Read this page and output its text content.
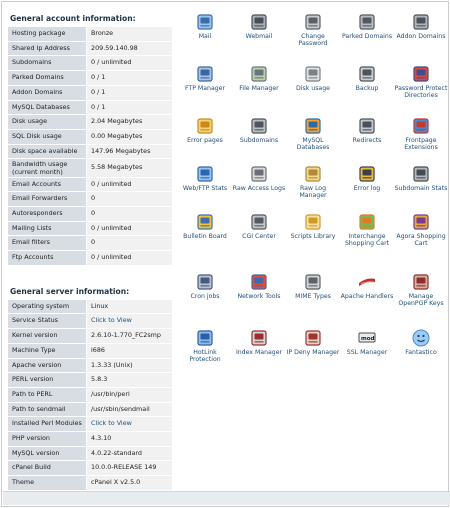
General account information:
Hosting package	Bronze
Shared Ip Address	209.59.140.98
Subdomains	0 / unlimited
Parked Domains	0 / 1
Addon Domains	0 / 1
MySQL Databases	0 / 1
Disk usage	2.04 Megabytes
SQL Disk usage	0.00 Megabytes
Disk space available	147.96 Megabytes
Bandwidth usage (current month)	5.58 Megabytes
Email Accounts	0 / unlimited
Email Forwarders	0
Autoresponders	0
Mailing Lists	0 / unlimited
Email filters	0
Ftp Accounts	0 / unlimited
General server information:
Operating system	Linux
Service Status	Click to View
Kernel version	2.6.10-1.770_FC2smp
Machine Type	i686
Apache version	1.3.33 (Unix)
PERL version	5.8.3
Path to PERL	/usr/bin/perl
Path to sendmail	/usr/sbin/sendmail
Installed Perl Modules	Click to View
PHP version	4.3.10
MySQL version	4.0.22-standard
cPanel Build	10.0.0-RELEASE 149
Theme	cPanel X v2.5.0

Mail	Webmail	Change Password
Parked Domains Addon Domains
FTP Manager	File Manager	Disk usage	Backup	Password Protect Directories
Error pages	Subdomains	MySQL Databases
Redirects	Frontpage Extensions
Web/FTP Stats Raw Access Logs	Raw Log Manager
Error log	Subdomain Stats
Bulletin Board	CGI Center	Scripts Library	Interchange Shopping Cart
Agora Shopping Cart
Cron jobs	Network Tools	MIME Types	Apache Handlers	Manage OpenPGP Keys
HotLink Protection
Index Manager IP Deny Manager
mod
SSL Manager	Fantastico
